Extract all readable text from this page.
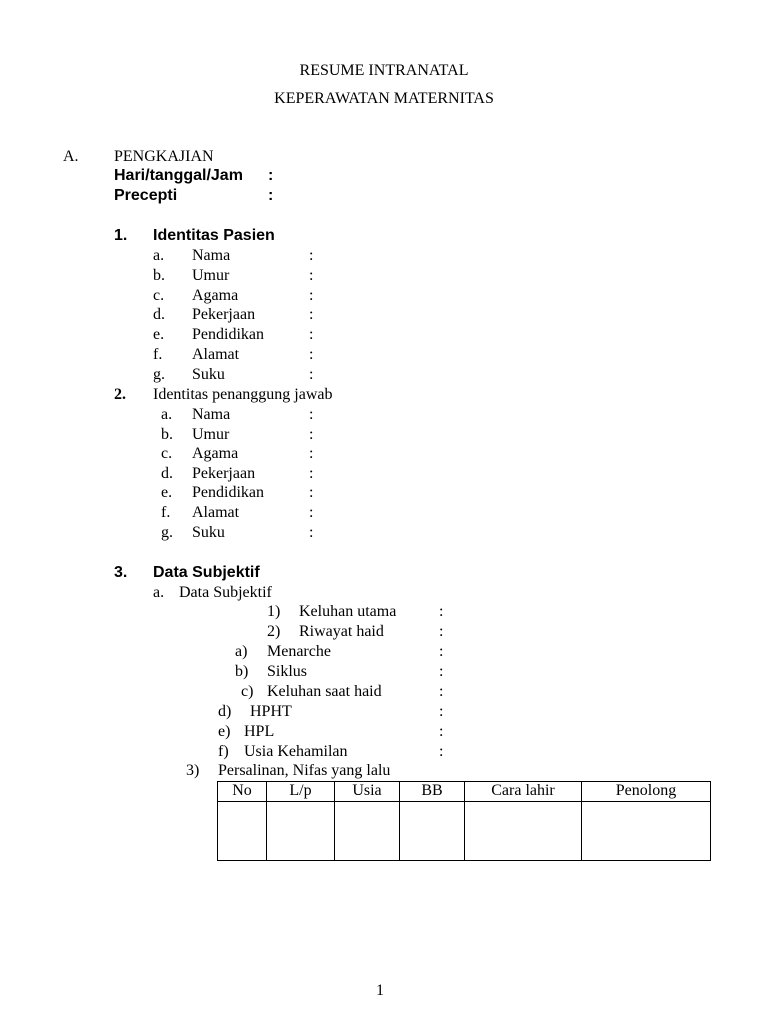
RESUME INTRANATAL
KEPERAWATAN MATERNITAS
A. PENGKAJIAN
Hari/tanggal/Jam :
Precepti	:
1. Identitas Pasien
a. Nama	:
b. Umur	:
c. Agama	:
d. Pekerjaan	:
e. Pendidikan	:
f. Alamat	:
g. Suku	:
2. Identitas penanggung jawab
a. Nama	:
b. Umur	:
c. Agama	:
d. Pekerjaan	:
e. Pendidikan	:
f. Alamat	:
g. Suku	:
3. Data Subjektif
a. Data Subjektif
1) Keluhan utama	:
2) Riwayat haid	:
a) Menarche	:
b) Siklus	:
c) Keluhan saat haid	:
d) HPHT	:
e) HPL	:
f) Usia Kehamilan	:
3) Persalinan, Nifas yang lalu
No	L/p	Usia	BB	Cara lahir	Penolong

1
